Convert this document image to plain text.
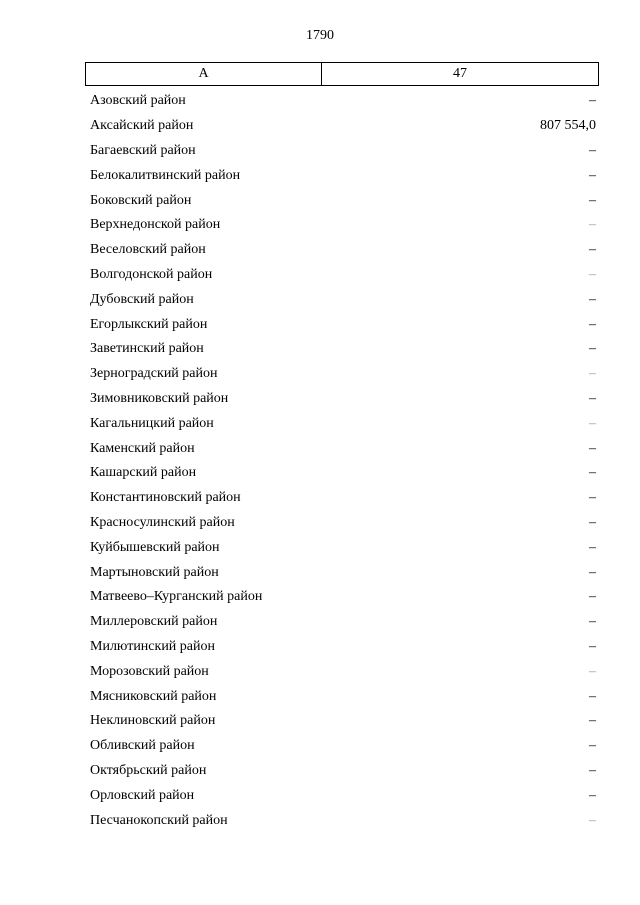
1790
А	47
Азовский район	–
Аксайский район	807 554,0
Багаевский район	–
Белокалитвинский район	–
Боковский район	–
Верхнедонской район	–
Веселовский район	–
Волгодонской район	–
Дубовский район	–
Егорлыкский район	–
Заветинский район	–
Зерноградский район	–
Зимовниковский район	–
Кагальницкий район	–
Каменский район	–
Кашарский район	–
Константиновский район	–
Красносулинский район	–
Куйбышевский район	–
Мартыновский район	–
Матвеево–Курганский район	–
Миллеровский район	–
Милютинский район	–
Морозовский район	–
Мясниковский район	–
Неклиновский район	–
Обливский район	–
Октябрьский район	–
Орловский район	–
Песчанокопский район	–
